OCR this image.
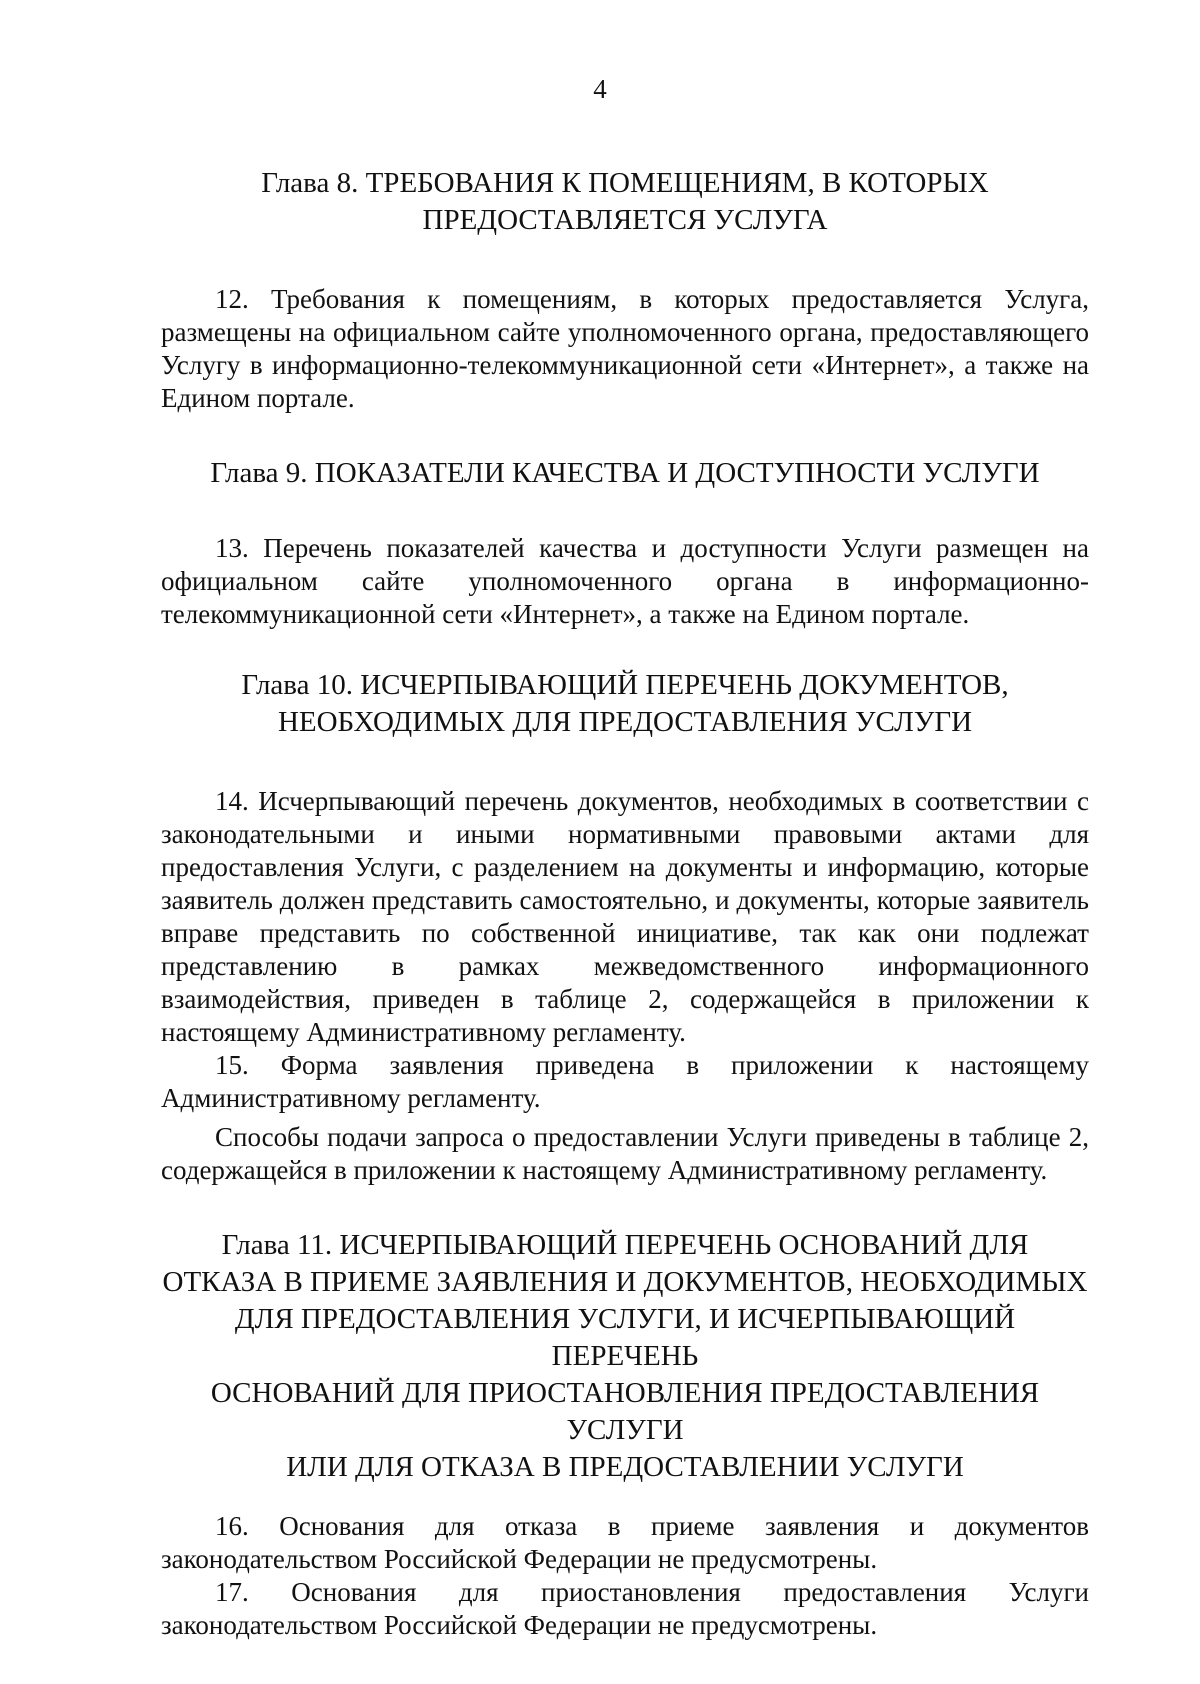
4
Глава 8. ТРЕБОВАНИЯ К ПОМЕЩЕНИЯМ, В КОТОРЫХ
ПРЕДОСТАВЛЯЕТСЯ УСЛУГА

12. Требования к помещениям, в которых предоставляется Услуга, размещены на официальном сайте уполномоченного органа, предоставляющего Услугу в информационно-телекоммуникационной сети «Интернет», а также на Едином портале.

Глава 9. ПОКАЗАТЕЛИ КАЧЕСТВА И ДОСТУПНОСТИ УСЛУГИ

13. Перечень показателей качества и доступности Услуги размещен на официальном сайте уполномоченного органа в информационно-телекоммуникационной сети «Интернет», а также на Едином портале.

Глава 10. ИСЧЕРПЫВАЮЩИЙ ПЕРЕЧЕНЬ ДОКУМЕНТОВ,
НЕОБХОДИМЫХ ДЛЯ ПРЕДОСТАВЛЕНИЯ УСЛУГИ

14. Исчерпывающий перечень документов, необходимых в соответствии с законодательными и иными нормативными правовыми актами для предоставления Услуги, с разделением на документы и информацию, которые заявитель должен представить самостоятельно, и документы, которые заявитель вправе представить по собственной инициативе, так как они подлежат представлению в рамках межведомственного информационного взаимодействия, приведен в таблице 2, содержащейся в приложении к настоящему Административному регламенту.

15. Форма заявления приведена в приложении к настоящему Административному регламенту.

Способы подачи запроса о предоставлении Услуги приведены в таблице 2, содержащейся в приложении к настоящему Административному регламенту.

Глава 11. ИСЧЕРПЫВАЮЩИЙ ПЕРЕЧЕНЬ ОСНОВАНИЙ ДЛЯ
ОТКАЗА В ПРИЕМЕ ЗАЯВЛЕНИЯ И ДОКУМЕНТОВ, НЕОБХОДИМЫХ
ДЛЯ ПРЕДОСТАВЛЕНИЯ УСЛУГИ, И ИСЧЕРПЫВАЮЩИЙ ПЕРЕЧЕНЬ
ОСНОВАНИЙ ДЛЯ ПРИОСТАНОВЛЕНИЯ ПРЕДОСТАВЛЕНИЯ УСЛУГИ
ИЛИ ДЛЯ ОТКАЗА В ПРЕДОСТАВЛЕНИИ УСЛУГИ

16. Основания для отказа в приеме заявления и документов законодательством Российской Федерации не предусмотрены.

17. Основания для приостановления предоставления Услуги законодательством Российской Федерации не предусмотрены.
